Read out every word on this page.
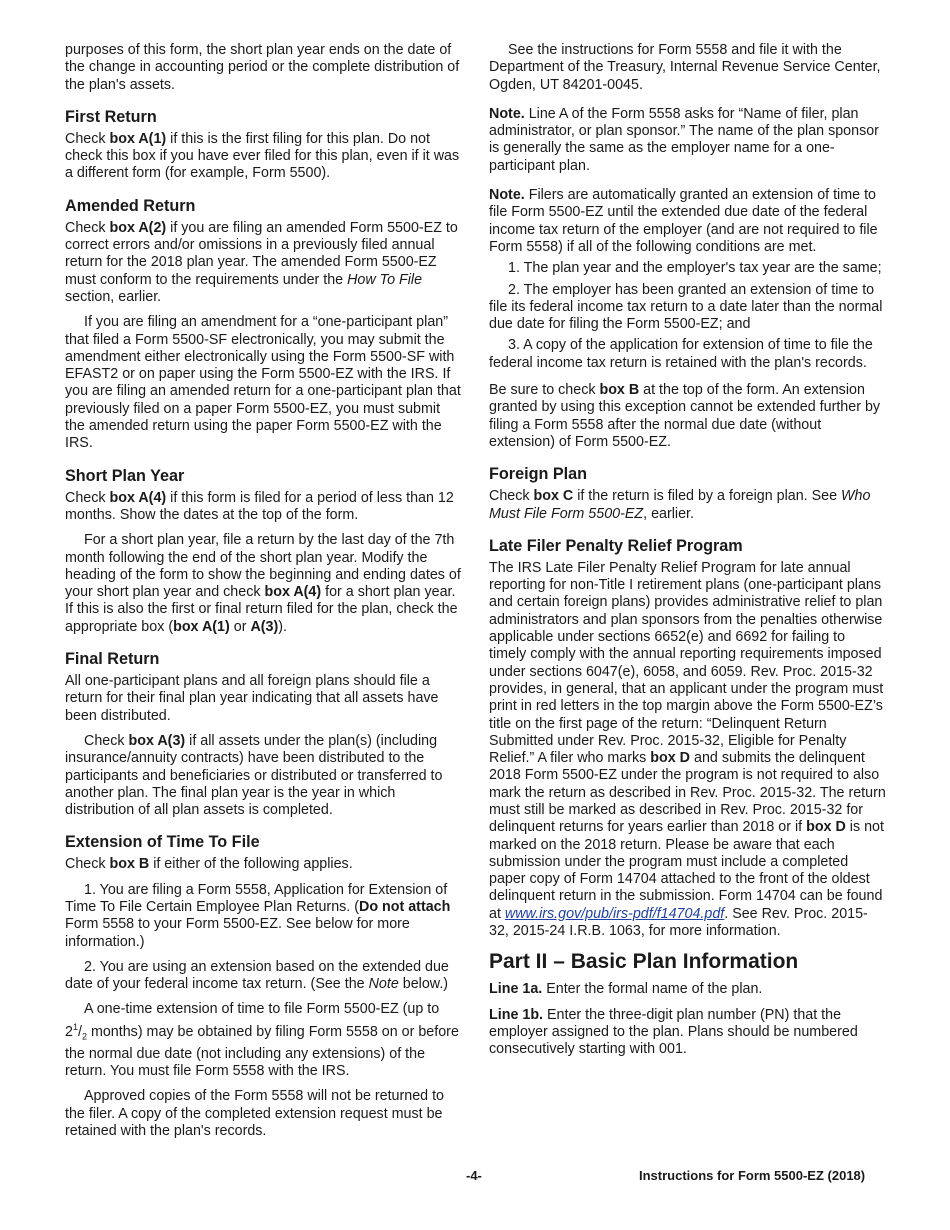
purposes of this form, the short plan year ends on the date of the change in accounting period or the complete distribution of the plan's assets.

First Return

Check box A(1) if this is the first filing for this plan. Do not check this box if you have ever filed for this plan, even if it was a different form (for example, Form 5500).

Amended Return

Check box A(2) if you are filing an amended Form 5500-EZ to correct errors and/or omissions in a previously filed annual return for the 2018 plan year. The amended Form 5500-EZ must conform to the requirements under the How To File section, earlier.

If you are filing an amendment for a “one-participant plan” that filed a Form 5500-SF electronically, you may submit the amendment either electronically using the Form 5500-SF with EFAST2 or on paper using the Form 5500-EZ with the IRS. If you are filing an amended return for a one-participant plan that previously filed on a paper Form 5500-EZ, you must submit the amended return using the paper Form 5500-EZ with the IRS.

Short Plan Year

Check box A(4) if this form is filed for a period of less than 12 months. Show the dates at the top of the form.

For a short plan year, file a return by the last day of the 7th month following the end of the short plan year. Modify the heading of the form to show the beginning and ending dates of your short plan year and check box A(4) for a short plan year. If this is also the first or final return filed for the plan, check the appropriate box (box A(1) or A(3)).

Final Return

All one-participant plans and all foreign plans should file a return for their final plan year indicating that all assets have been distributed.

Check box A(3) if all assets under the plan(s) (including insurance/annuity contracts) have been distributed to the participants and beneficiaries or distributed or transferred to another plan. The final plan year is the year in which distribution of all plan assets is completed.

Extension of Time To File

Check box B if either of the following applies.

1. You are filing a Form 5558, Application for Extension of Time To File Certain Employee Plan Returns. (Do not attach Form 5558 to your Form 5500-EZ. See below for more information.)

2. You are using an extension based on the extended due date of your federal income tax return. (See the Note below.)

A one-time extension of time to file Form 5500-EZ (up to $2^1/_2$ months) may be obtained by filing Form 5558 on or before the normal due date (not including any extensions) of the return. You must file Form 5558 with the IRS.

Approved copies of the Form 5558 will not be returned to the filer. A copy of the completed extension request must be retained with the plan's records.

See the instructions for Form 5558 and file it with the Department of the Treasury, Internal Revenue Service Center, Ogden, UT 84201-0045.

Note. Line A of the Form 5558 asks for “Name of filer, plan administrator, or plan sponsor.” The name of the plan sponsor is generally the same as the employer name for a one-participant plan.

Note. Filers are automatically granted an extension of time to file Form 5500-EZ until the extended due date of the federal income tax return of the employer (and are not required to file Form 5558) if all of the following conditions are met.

1. The plan year and the employer's tax year are the same;

2. The employer has been granted an extension of time to file its federal income tax return to a date later than the normal due date for filing the Form 5500-EZ; and

3. A copy of the application for extension of time to file the federal income tax return is retained with the plan's records.

Be sure to check box B at the top of the form. An extension granted by using this exception cannot be extended further by filing a Form 5558 after the normal due date (without extension) of Form 5500-EZ.

Foreign Plan

Check box C if the return is filed by a foreign plan. See Who Must File Form 5500-EZ, earlier.

Late Filer Penalty Relief Program

The IRS Late Filer Penalty Relief Program for late annual reporting for non-Title I retirement plans (one-participant plans and certain foreign plans) provides administrative relief to plan administrators and plan sponsors from the penalties otherwise applicable under sections 6652(e) and 6692 for failing to timely comply with the annual reporting requirements imposed under sections 6047(e), 6058, and 6059. Rev. Proc. 2015-32 provides, in general, that an applicant under the program must print in red letters in the top margin above the Form 5500-EZ’s title on the first page of the return: “Delinquent Return Submitted under Rev. Proc. 2015-32, Eligible for Penalty Relief.” A filer who marks box D and submits the delinquent 2018 Form 5500-EZ under the program is not required to also mark the return as described in Rev. Proc. 2015-32. The return must still be marked as described in Rev. Proc. 2015-32 for delinquent returns for years earlier than 2018 or if box D is not marked on the 2018 return. Please be aware that each submission under the program must include a completed paper copy of Form 14704 attached to the front of the oldest delinquent return in the submission. Form 14704 can be found at www.irs.gov/pub/irs-pdf/f14704.pdf. See Rev. Proc. 2015-32, 2015-24 I.R.B. 1063, for more information.

Part II – Basic Plan Information

Line 1a. Enter the formal name of the plan.

Line 1b. Enter the three-digit plan number (PN) that the employer assigned to the plan. Plans should be numbered consecutively starting with 001.

-4-	Instructions for Form 5500-EZ (2018)
